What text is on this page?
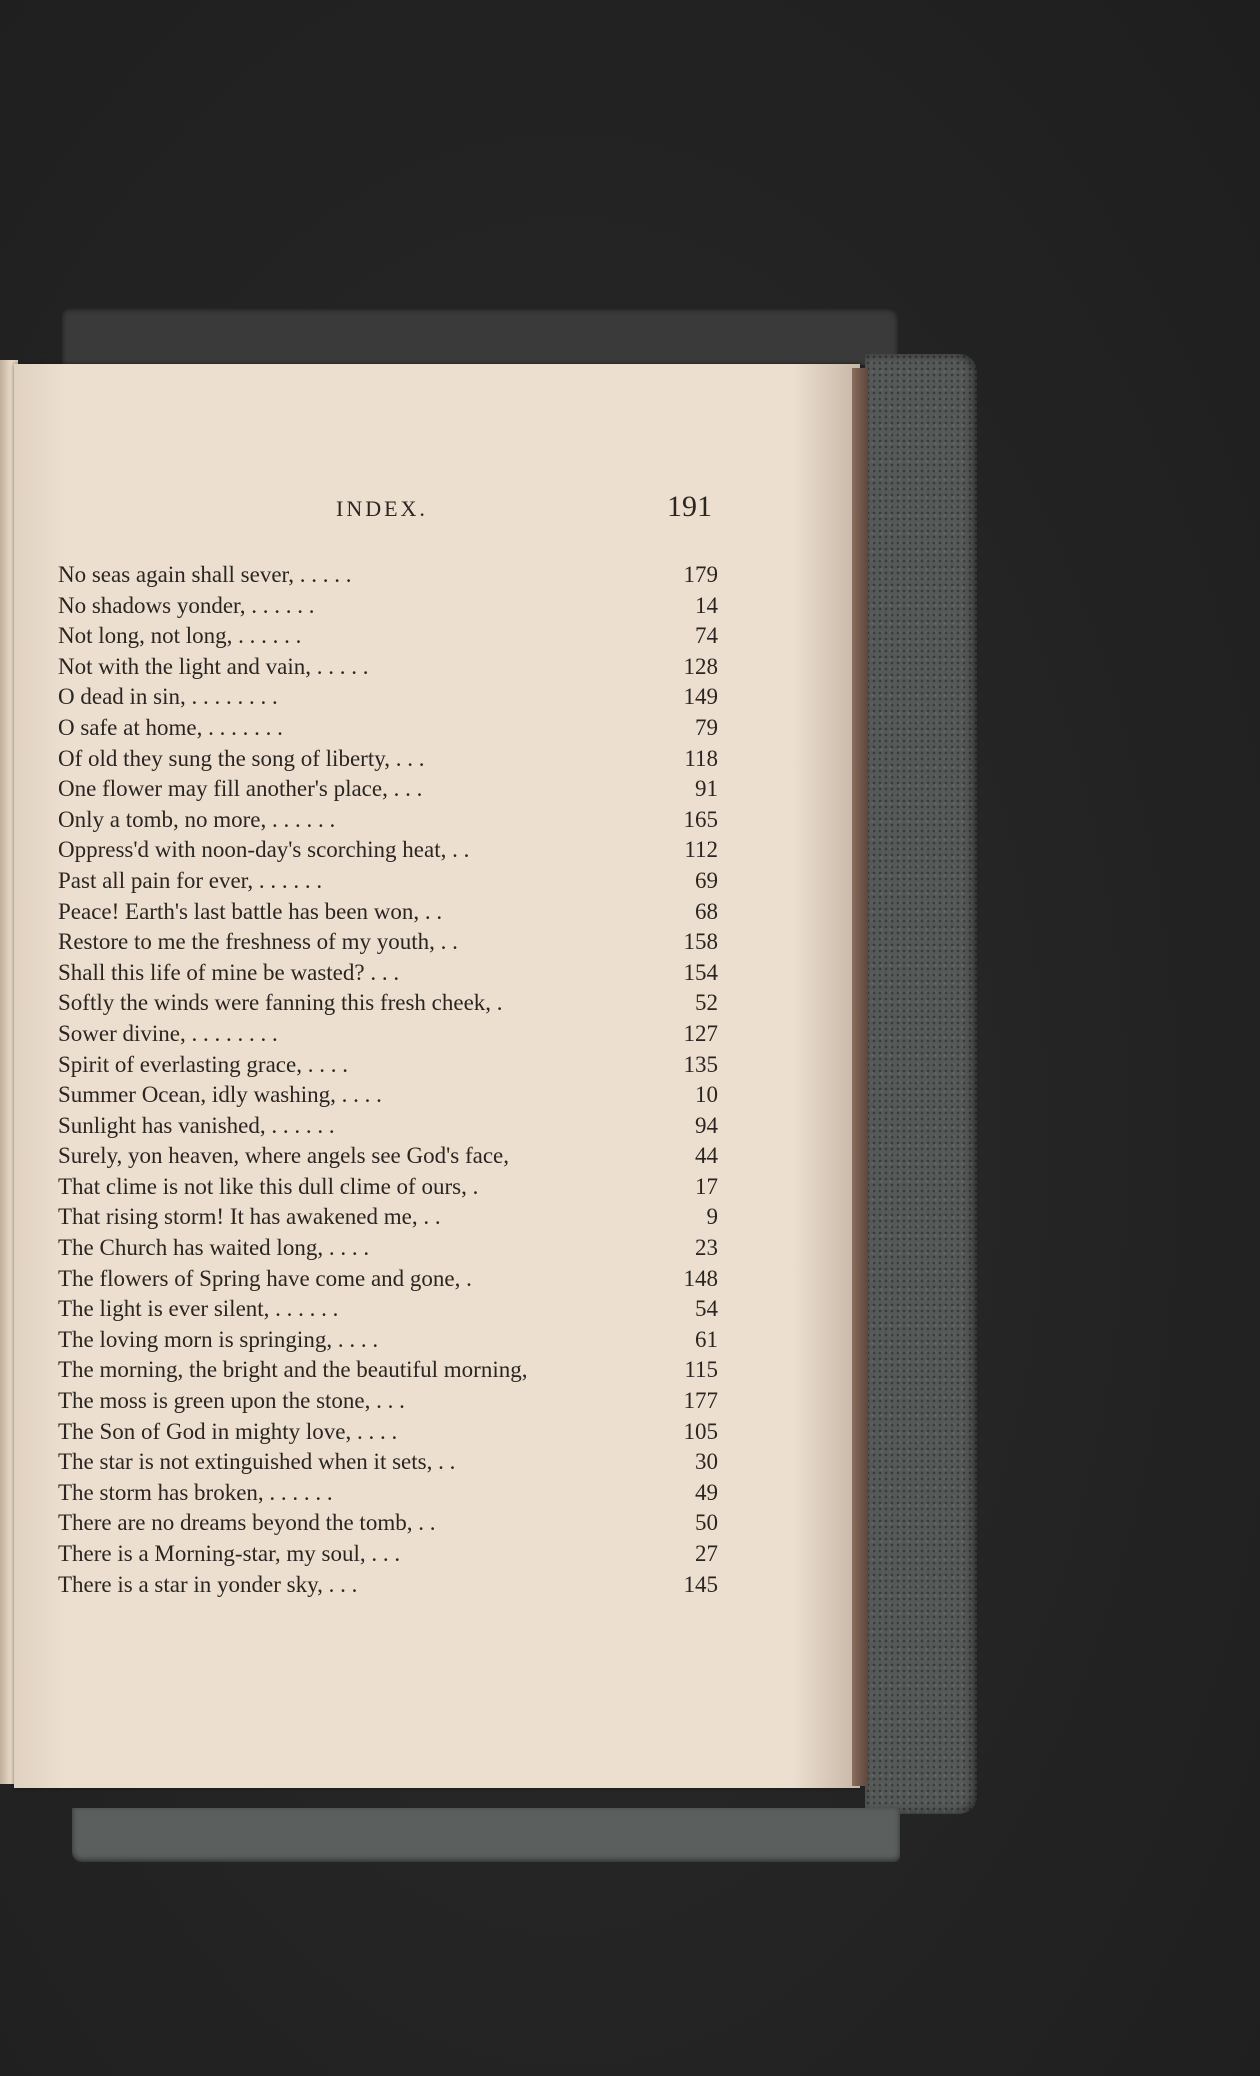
INDEX.	191
No seas again shall sever, . . . . .	179
No shadows yonder, . . . . . .	14
Not long, not long, . . . . . .	74
Not with the light and vain, . . . . .	128
O dead in sin, . . . . . . . .	149
O safe at home, . . . . . . .	79
Of old they sung the song of liberty, . . .	118
One flower may fill another's place, . . .	91
Only a tomb, no more, . . . . . .	165
Oppress'd with noon-day's scorching heat, . .	112
Past all pain for ever, . . . . . .	69
Peace! Earth's last battle has been won, . .	68
Restore to me the freshness of my youth, . .	158
Shall this life of mine be wasted? . . .	154
Softly the winds were fanning this fresh cheek, .	52
Sower divine, . . . . . . . .	127
Spirit of everlasting grace, . . . .	135
Summer Ocean, idly washing, . . . .	10
Sunlight has vanished, . . . . . .	94
Surely, yon heaven, where angels see God's face,	44
That clime is not like this dull clime of ours, .	17
That rising storm! It has awakened me, . .	9
The Church has waited long, . . . .	23
The flowers of Spring have come and gone, .	148
The light is ever silent, . . . . . .	54
The loving morn is springing, . . . .	61
The morning, the bright and the beautiful morning,	115
The moss is green upon the stone, . . .	177
The Son of God in mighty love, . . . .	105
The star is not extinguished when it sets, . .	30
The storm has broken, . . . . . .	49
There are no dreams beyond the tomb, . .	50
There is a Morning-star, my soul, . . .	27
There is a star in yonder sky, . . .	145
